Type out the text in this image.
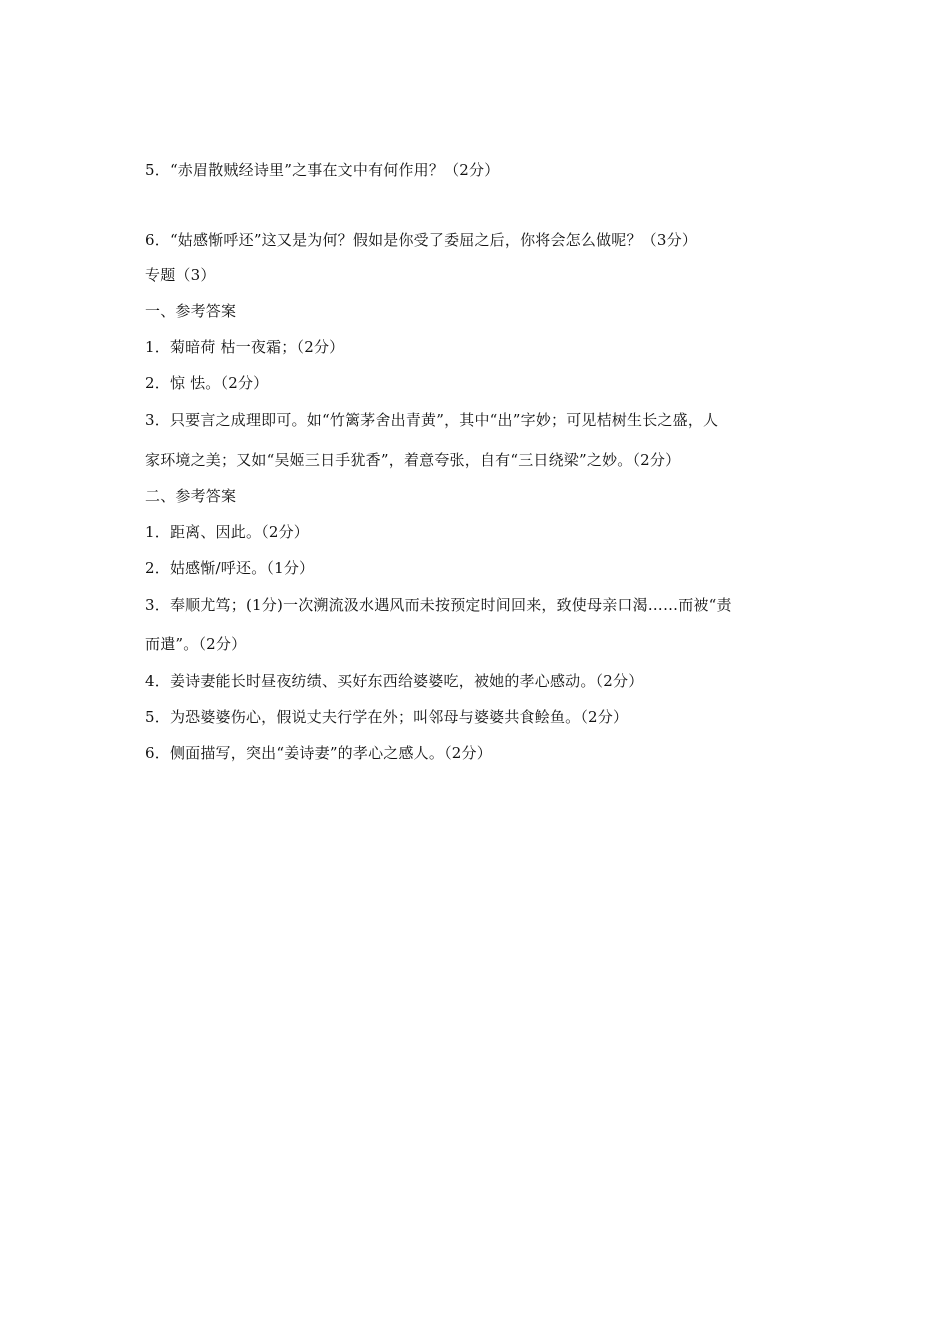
5．“赤眉散贼经诗里”之事在文中有何作用？（2分）
6．“姑感惭呼还”这又是为何？假如是你受了委屈之后，你将会怎么做呢？（3分）
专题（3）
一、参考答案
1．菊暗荷 枯一夜霜；（2分）
2．惊 怯。（2分）
3．只要言之成理即可。如“竹篱茅舍出青黄”，其中“出”字妙；可见桔树生长之盛，人
家环境之美；又如“吴姬三日手犹香”，着意夸张，自有“三日绕梁”之妙。（2分）
二、参考答案
1．距离、因此。（2分）
2．姑感惭/呼还。（1分）
3．奉顺尤笃；(1分)一次溯流汲水遇风而未按预定时间回来，致使母亲口渴……而被“责
而遣”。（2分）
4．姜诗妻能长时昼夜纺绩、买好东西给婆婆吃，被她的孝心感动。（2分）
5．为恐婆婆伤心，假说丈夫行学在外；叫邻母与婆婆共食鲙鱼。（2分）
6．侧面描写，突出“姜诗妻”的孝心之感人。（2分）
